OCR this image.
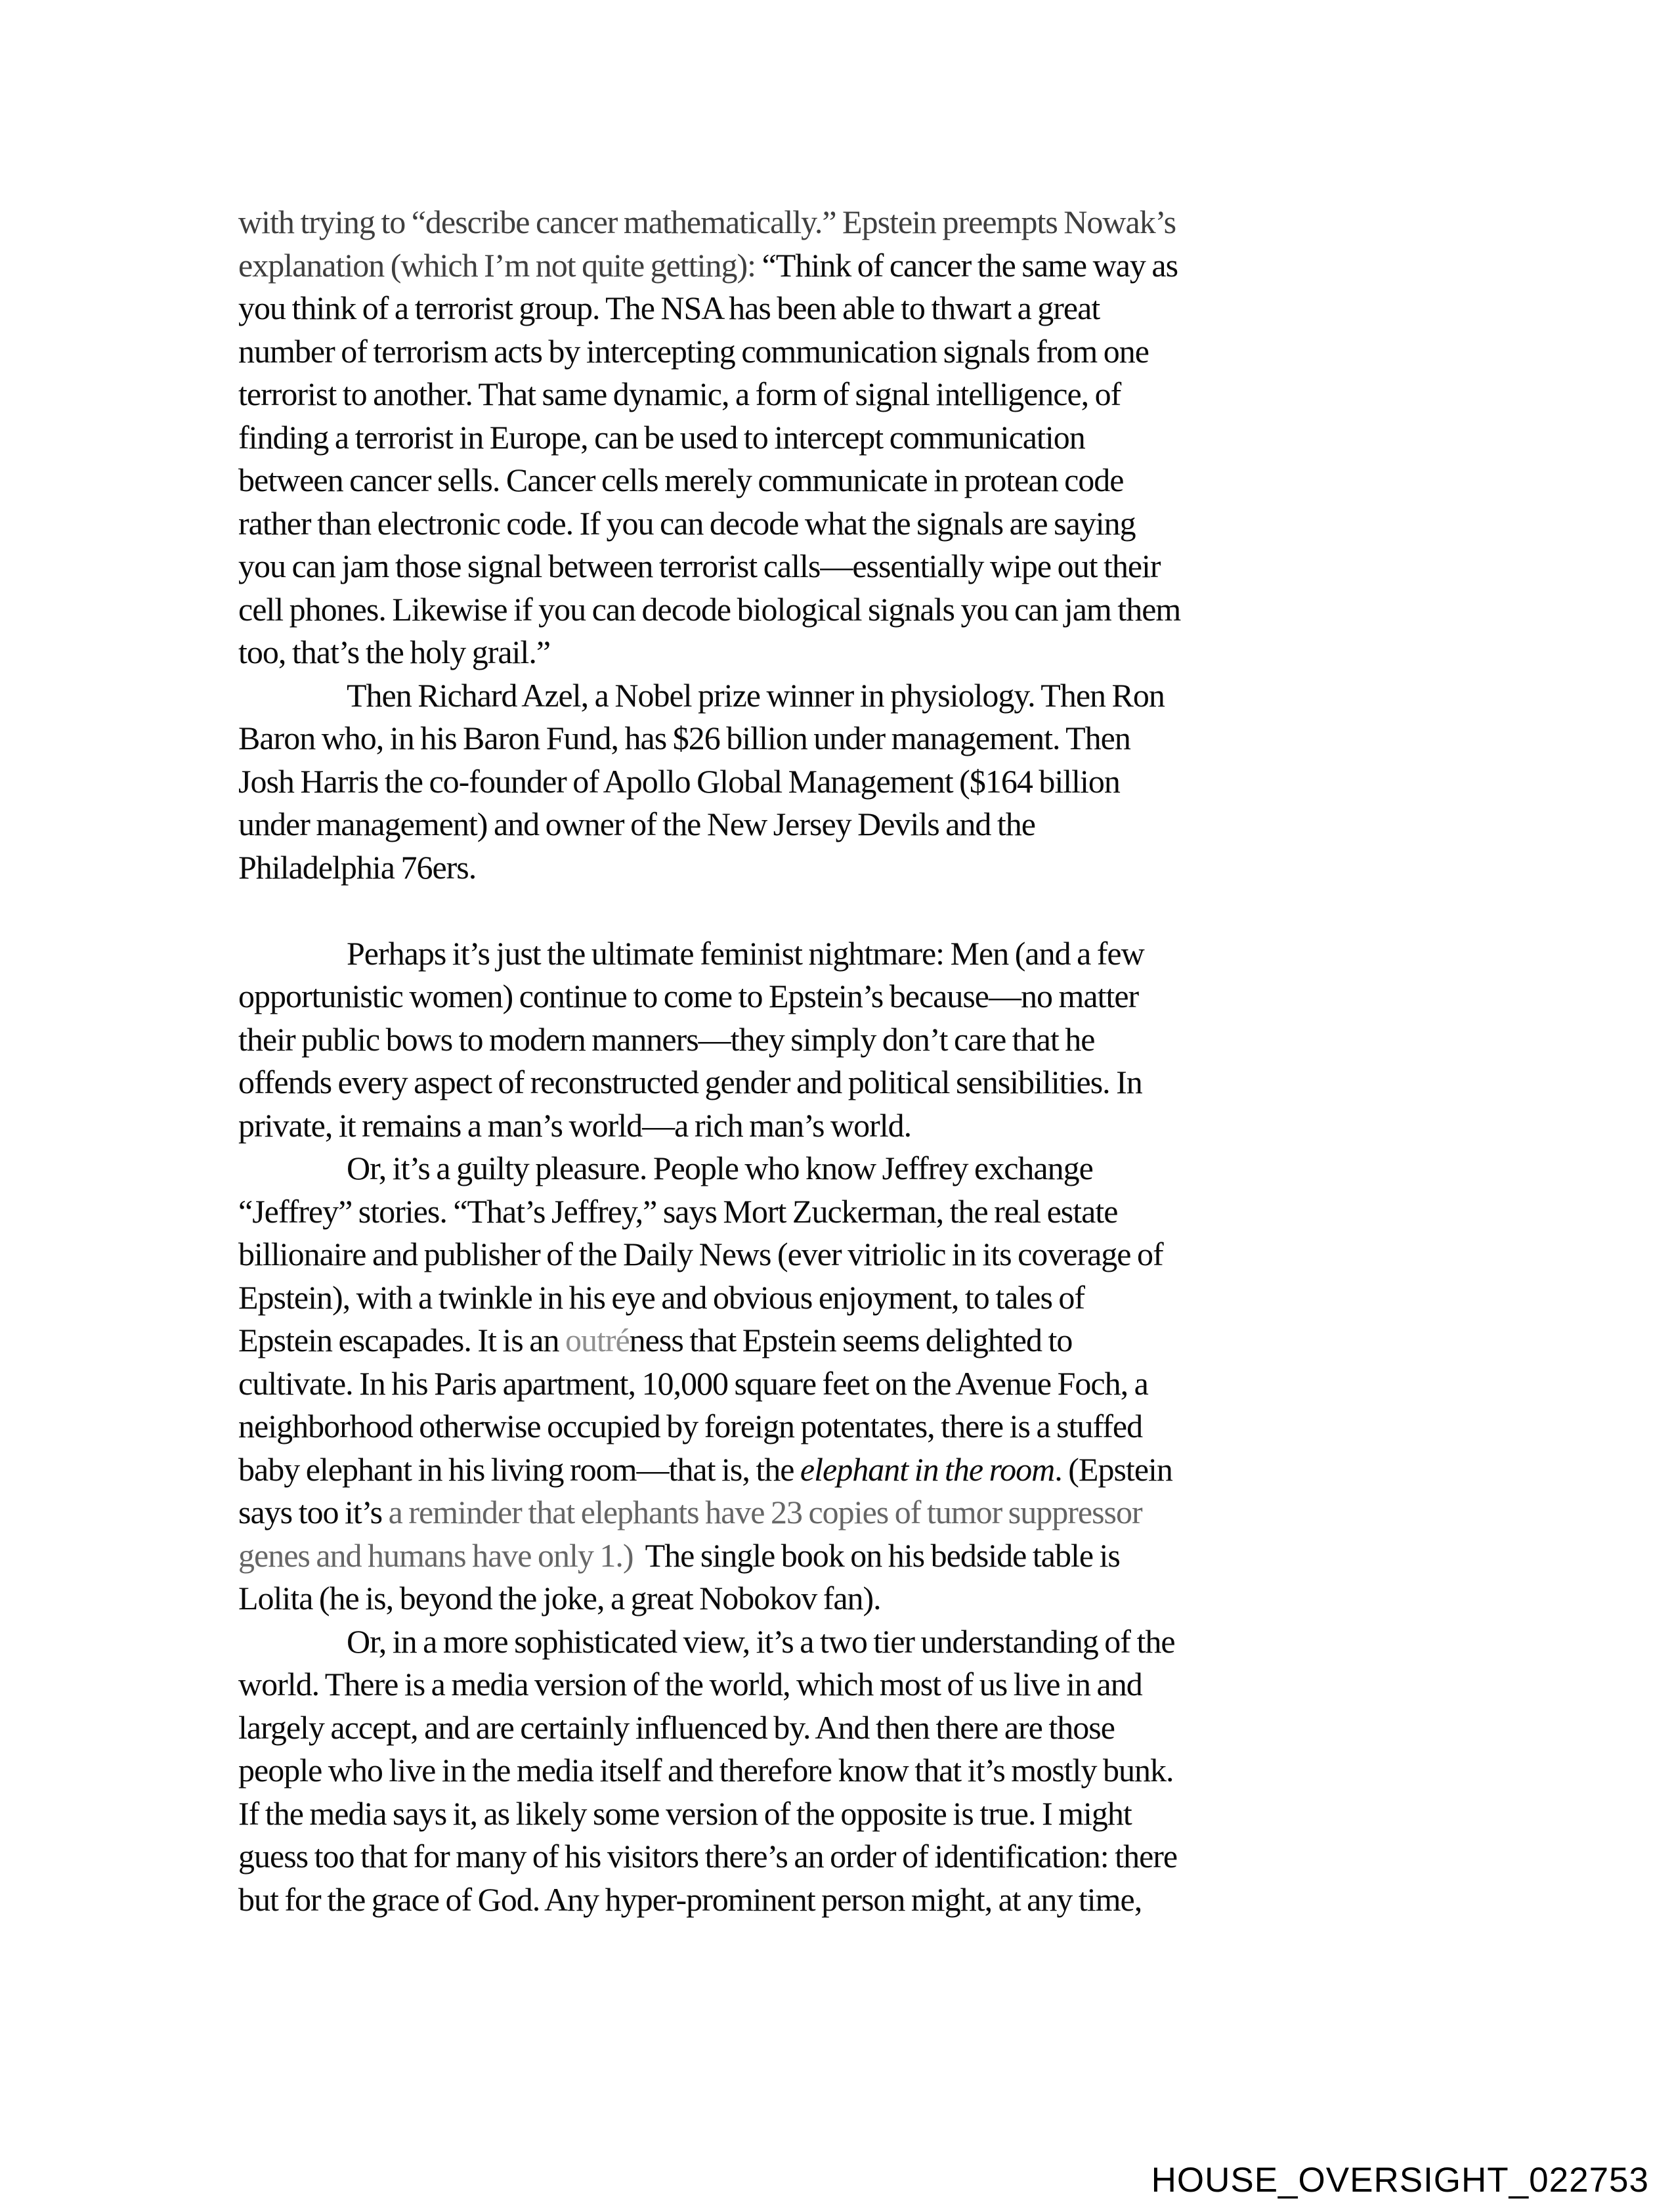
with trying to “describe cancer mathematically.” Epstein preempts Nowak’s
explanation (which I’m not quite getting): “Think of cancer the same way as
you think of a terrorist group. The NSA has been able to thwart a great
number of terrorism acts by intercepting communication signals from one
terrorist to another. That same dynamic, a form of signal intelligence, of
finding a terrorist in Europe, can be used to intercept communication
between cancer sells. Cancer cells merely communicate in protean code
rather than electronic code. If you can decode what the signals are saying
you can jam those signal between terrorist calls—essentially wipe out their
cell phones. Likewise if you can decode biological signals you can jam them
too, that’s the holy grail.”
Then Richard Azel, a Nobel prize winner in physiology. Then Ron
Baron who, in his Baron Fund, has $26 billion under management. Then
Josh Harris the co-founder of Apollo Global Management ($164 billion
under management) and owner of the New Jersey Devils and the
Philadelphia 76ers.
Perhaps it’s just the ultimate feminist nightmare: Men (and a few
opportunistic women) continue to come to Epstein’s because—no matter
their public bows to modern manners—they simply don’t care that he
offends every aspect of reconstructed gender and political sensibilities. In
private, it remains a man’s world—a rich man’s world.
Or, it’s a guilty pleasure. People who know Jeffrey exchange
“Jeffrey” stories. “That’s Jeffrey,” says Mort Zuckerman, the real estate
billionaire and publisher of the Daily News (ever vitriolic in its coverage of
Epstein), with a twinkle in his eye and obvious enjoyment, to tales of
Epstein escapades. It is an outréness that Epstein seems delighted to
cultivate. In his Paris apartment, 10,000 square feet on the Avenue Foch, a
neighborhood otherwise occupied by foreign potentates, there is a stuffed
baby elephant in his living room—that is, the elephant in the room. (Epstein
says too it’s a reminder that elephants have 23 copies of tumor suppressor
genes and humans have only 1.)  The single book on his bedside table is
Lolita (he is, beyond the joke, a great Nobokov fan).
Or, in a more sophisticated view, it’s a two tier understanding of the
world. There is a media version of the world, which most of us live in and
largely accept, and are certainly influenced by. And then there are those
people who live in the media itself and therefore know that it’s mostly bunk.
If the media says it, as likely some version of the opposite is true. I might
guess too that for many of his visitors there’s an order of identification: there
but for the grace of God. Any hyper-prominent person might, at any time,
HOUSE_OVERSIGHT_022753
